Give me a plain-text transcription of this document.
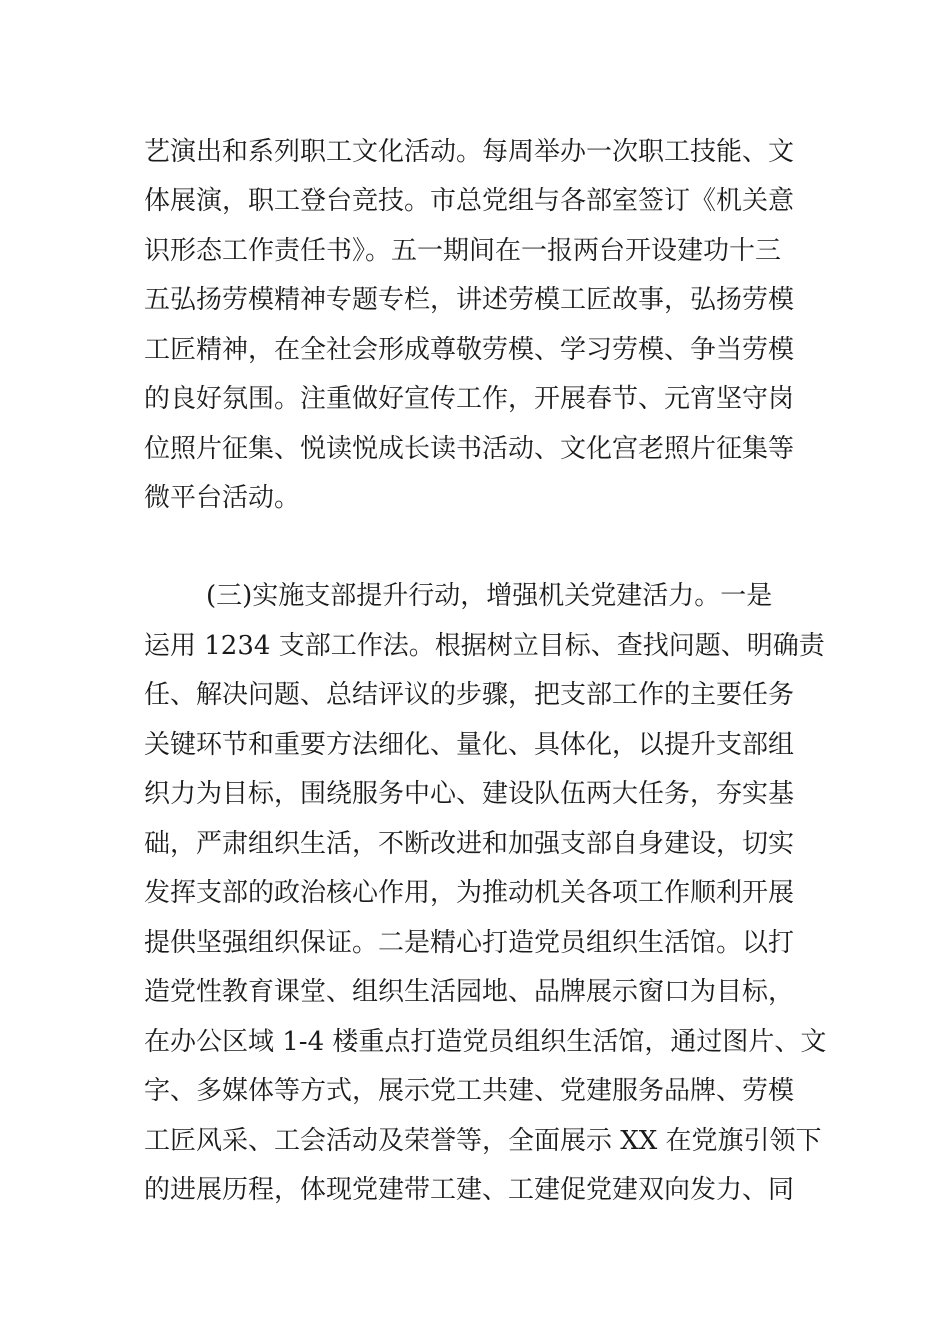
艺演出和系列职工文化活动。每周举办一次职工技能、文
体展演，职工登台竞技。市总党组与各部室签订《机关意
识形态工作责任书》。五一期间在一报两台开设建功十三
五弘扬劳模精神专题专栏，讲述劳模工匠故事，弘扬劳模
工匠精神，在全社会形成尊敬劳模、学习劳模、争当劳模
的良好氛围。注重做好宣传工作，开展春节、元宵坚守岗
位照片征集、悦读悦成长读书活动、文化宫老照片征集等
微平台活动。
(三)实施支部提升行动，增强机关党建活力。一是
运用 1234 支部工作法。根据树立目标、查找问题、明确责
任、解决问题、总结评议的步骤，把支部工作的主要任务
关键环节和重要方法细化、量化、具体化，以提升支部组
织力为目标，围绕服务中心、建设队伍两大任务，夯实基
础，严肃组织生活，不断改进和加强支部自身建设，切实
发挥支部的政治核心作用，为推动机关各项工作顺利开展
提供坚强组织保证。二是精心打造党员组织生活馆。以打
造党性教育课堂、组织生活园地、品牌展示窗口为目标，
在办公区域 1-4 楼重点打造党员组织生活馆，通过图片、文
字、多媒体等方式，展示党工共建、党建服务品牌、劳模
工匠风采、工会活动及荣誉等，全面展示 XX 在党旗引领下
的进展历程，体现党建带工建、工建促党建双向发力、同
